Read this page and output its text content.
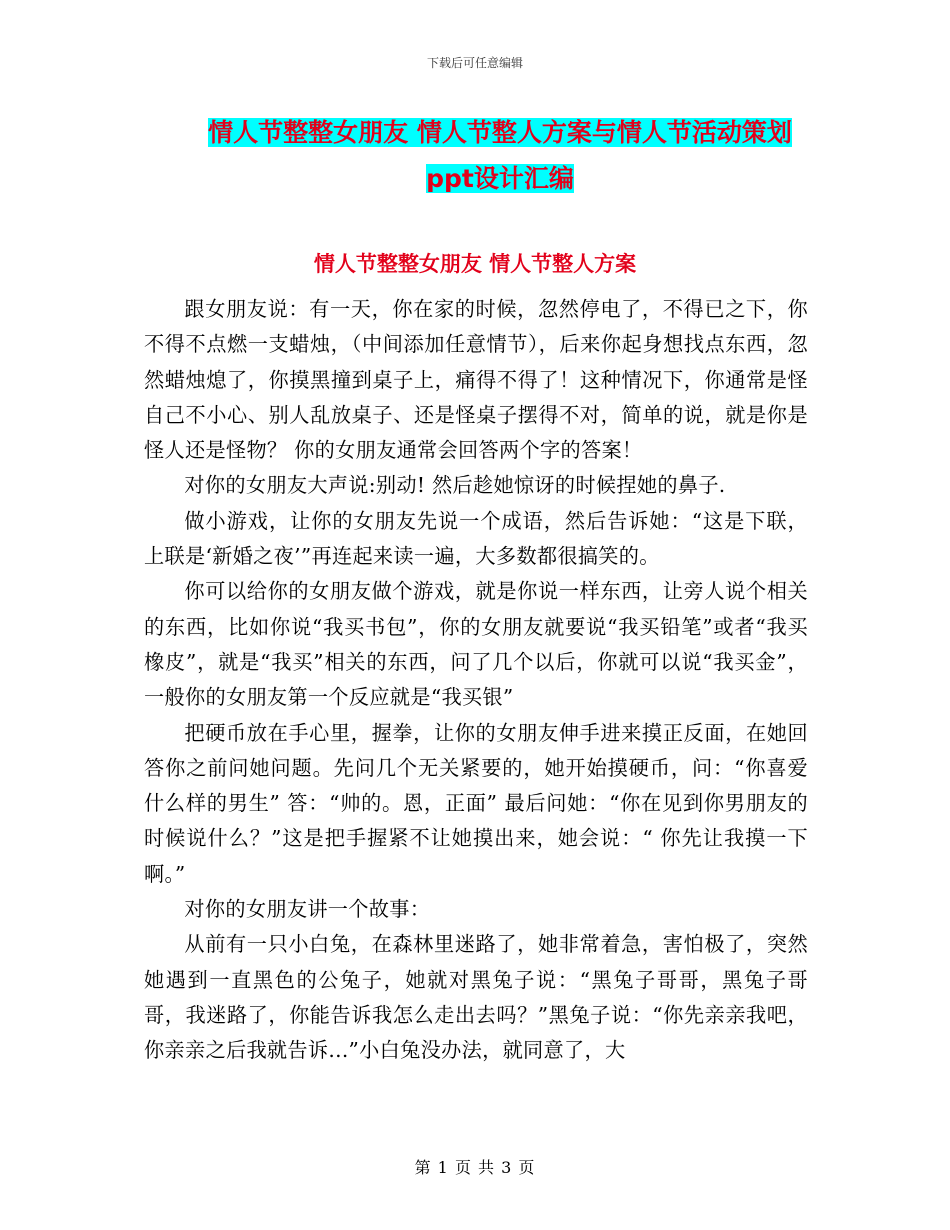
下载后可任意编辑
情人节整整女朋友 情人节整人方案与情人节活动策划
ppt设计汇编
情人节整整女朋友 情人节整人方案

跟女朋友说：有一天，你在家的时候，忽然停电了，不得已之下，你不得不点燃一支蜡烛，（中间添加任意情节），后来你起身想找点东西，忽然蜡烛熄了，你摸黑撞到桌子上，痛得不得了！这种情况下，你通常是怪自己不小心、别人乱放桌子、还是怪桌子摆得不对，简单的说，就是你是怪人还是怪物？ 你的女朋友通常会回答两个字的答案！

对你的女朋友大声说:别动! 然后趁她惊讶的时候捏她的鼻子.

做小游戏，让你的女朋友先说一个成语，然后告诉她：“这是下联，上联是‘新婚之夜’”再连起来读一遍，大多数都很搞笑的。

你可以给你的女朋友做个游戏，就是你说一样东西，让旁人说个相关的东西，比如你说“我买书包”，你的女朋友就要说“我买铅笔”或者“我买橡皮”，就是“我买”相关的东西，问了几个以后，你就可以说“我买金”，一般你的女朋友第一个反应就是“我买银”

把硬币放在手心里，握拳，让你的女朋友伸手进来摸正反面，在她回答你之前问她问题。先问几个无关紧要的，她开始摸硬币，问：“你喜爱什么样的男生” 答：“帅的。恩，正面” 最后问她：“你在见到你男朋友的时候说什么？”这是把手握紧不让她摸出来，她会说：“ 你先让我摸一下啊。”

对你的女朋友讲一个故事：

从前有一只小白兔，在森林里迷路了，她非常着急，害怕极了，突然她遇到一直黑色的公兔子，她就对黑兔子说：“黑兔子哥哥，黑兔子哥哥，我迷路了，你能告诉我怎么走出去吗？”黑兔子说：“你先亲亲我吧，你亲亲之后我就告诉...”小白兔没办法，就同意了，大

第 1 页 共 3 页
